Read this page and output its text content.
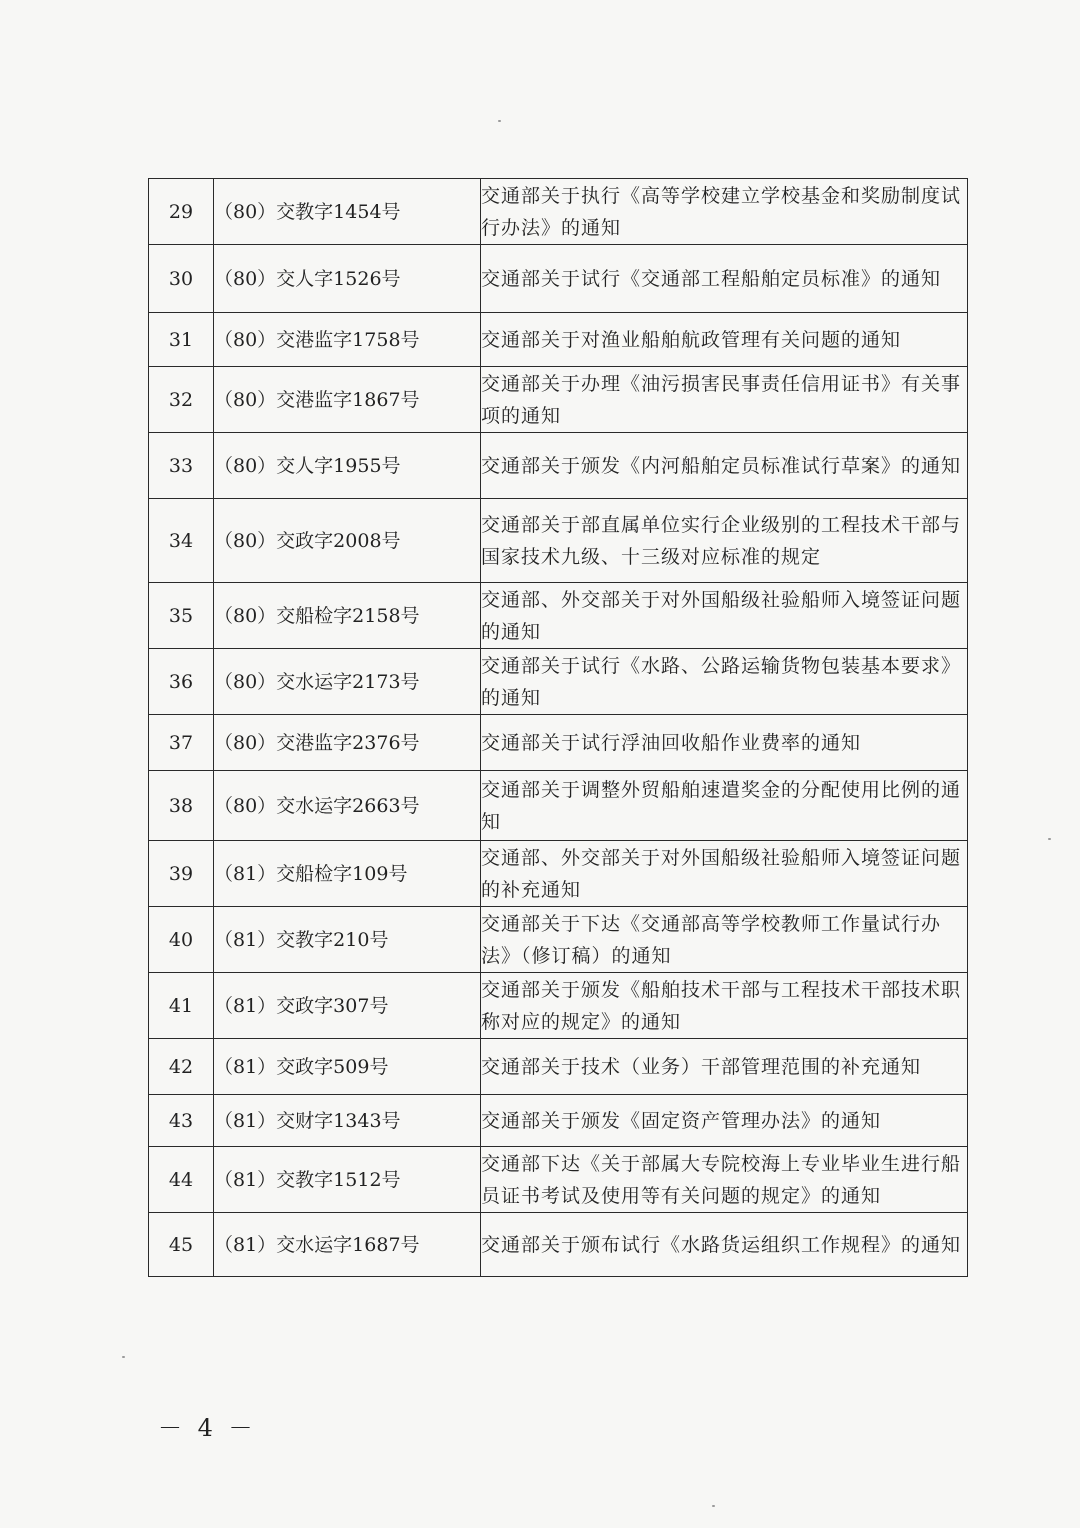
29	（80）交教字1454号	交通部关于执行《高等学校建立学校基金和奖励制度试行办法》的通知
30	（80）交人字1526号	交通部关于试行《交通部工程船舶定员标准》的通知
31	（80）交港监字1758号	交通部关于对渔业船舶航政管理有关问题的通知
32	（80）交港监字1867号	交通部关于办理《油污损害民事责任信用证书》有关事项的通知
33	（80）交人字1955号	交通部关于颁发《内河船舶定员标准试行草案》的通知
34	（80）交政字2008号	交通部关于部直属单位实行企业级别的工程技术干部与国家技术九级、十三级对应标准的规定
35	（80）交船检字2158号	交通部、外交部关于对外国船级社验船师入境签证问题的通知
36	（80）交水运字2173号	交通部关于试行《水路、公路运输货物包装基本要求》的通知
37	（80）交港监字2376号	交通部关于试行浮油回收船作业费率的通知
38	（80）交水运字2663号	交通部关于调整外贸船舶速遣奖金的分配使用比例的通知
39	（81）交船检字109号	交通部、外交部关于对外国船级社验船师入境签证问题的补充通知
40	（81）交教字210号	交通部关于下达《交通部高等学校教师工作量试行办法》（修订稿）的通知
41	（81）交政字307号	交通部关于颁发《船舶技术干部与工程技术干部技术职称对应的规定》的通知
42	（81）交政字509号	交通部关于技术（业务）干部管理范围的补充通知
43	（81）交财字1343号	交通部关于颁发《固定资产管理办法》的通知
44	（81）交教字1512号	交通部下达《关于部属大专院校海上专业毕业生进行船员证书考试及使用等有关问题的规定》的通知
45	（81）交水运字1687号	交通部关于颁布试行《水路货运组织工作规程》的通知
－ 4 －
